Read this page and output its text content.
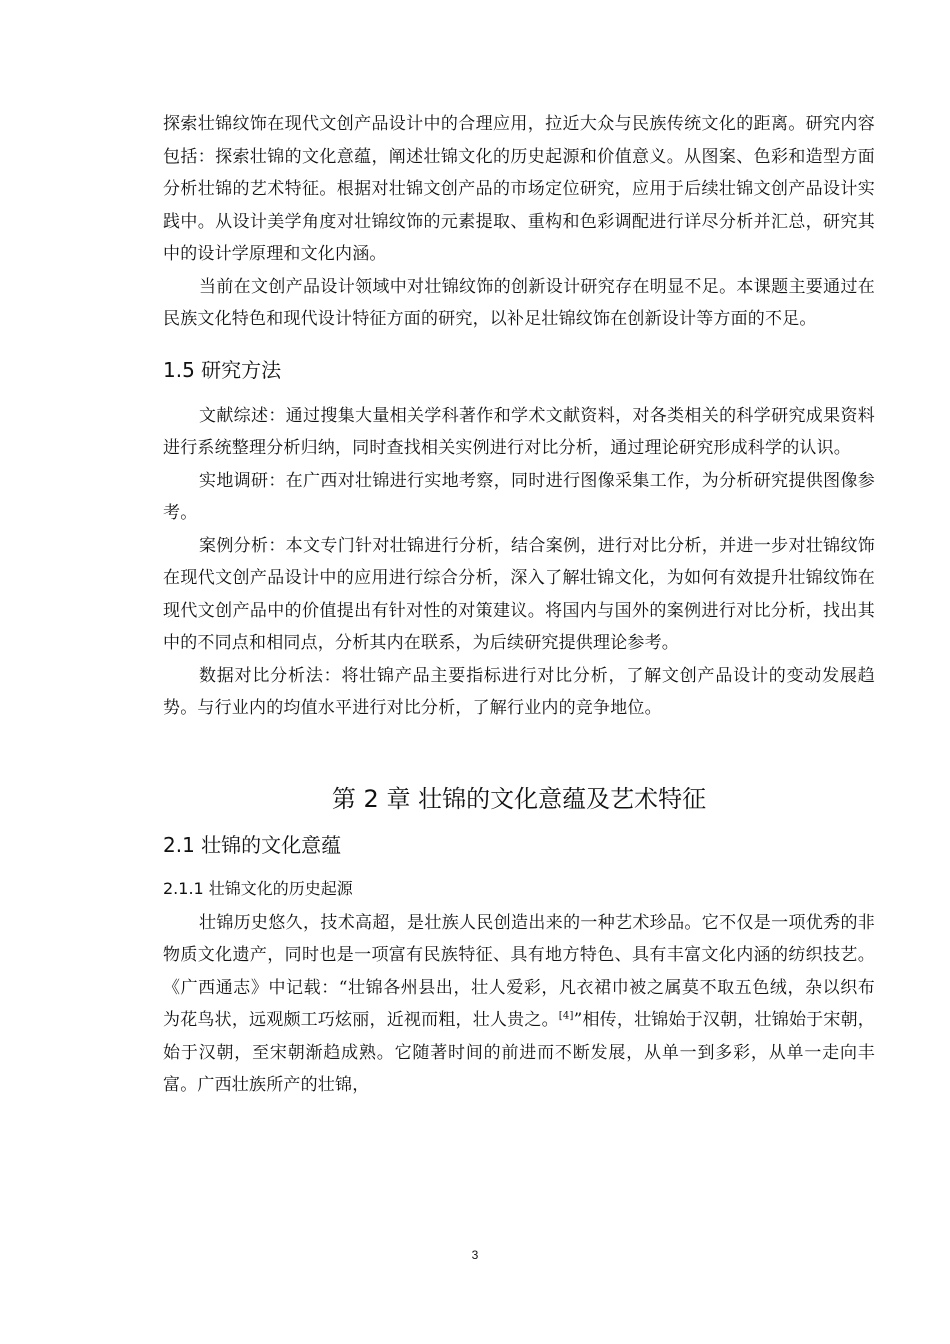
探索壮锦纹饰在现代文创产品设计中的合理应用，拉近大众与民族传统文化的距离。研究内容包括：探索壮锦的文化意蕴，阐述壮锦文化的历史起源和价值意义。从图案、色彩和造型方面分析壮锦的艺术特征。根据对壮锦文创产品的市场定位研究，应用于后续壮锦文创产品设计实践中。从设计美学角度对壮锦纹饰的元素提取、重构和色彩调配进行详尽分析并汇总，研究其中的设计学原理和文化内涵。

当前在文创产品设计领域中对壮锦纹饰的创新设计研究存在明显不足。本课题主要通过在民族文化特色和现代设计特征方面的研究，以补足壮锦纹饰在创新设计等方面的不足。

1.5 研究方法

文献综述：通过搜集大量相关学科著作和学术文献资料，对各类相关的科学研究成果资料进行系统整理分析归纳，同时查找相关实例进行对比分析，通过理论研究形成科学的认识。

实地调研：在广西对壮锦进行实地考察，同时进行图像采集工作，为分析研究提供图像参考。

案例分析：本文专门针对壮锦进行分析，结合案例，进行对比分析，并进一步对壮锦纹饰在现代文创产品设计中的应用进行综合分析，深入了解壮锦文化，为如何有效提升壮锦纹饰在现代文创产品中的价值提出有针对性的对策建议。将国内与国外的案例进行对比分析，找出其中的不同点和相同点，分析其内在联系，为后续研究提供理论参考。

数据对比分析法：将壮锦产品主要指标进行对比分析，了解文创产品设计的变动发展趋势。与行业内的均值水平进行对比分析，了解行业内的竞争地位。

第 2 章 壮锦的文化意蕴及艺术特征
2.1 壮锦的文化意蕴
2.1.1 壮锦文化的历史起源

壮锦历史悠久，技术高超，是壮族人民创造出来的一种艺术珍品。它不仅是一项优秀的非物质文化遗产，同时也是一项富有民族特征、具有地方特色、具有丰富文化内涵的纺织技艺。《广西通志》中记载：“壮锦各州县出，壮人爱彩，凡衣裙巾被之属莫不取五色绒，杂以织布为花鸟状，远观颇工巧炫丽，近视而粗，壮人贵之。[4]”相传，壮锦始于汉朝，壮锦始于宋朝，始于汉朝，至宋朝渐趋成熟。它随著时间的前进而不断发展，从单一到多彩，从单一走向丰富。广西壮族所产的壮锦，

3
